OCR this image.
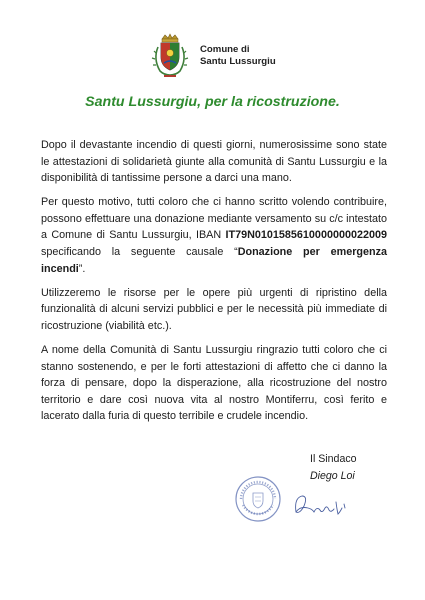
Comune di
Santu Lussurgiu
Santu Lussurgiu, per la ricostruzione.

Dopo il devastante incendio di questi giorni, numerosissime sono state le attestazioni di solidarietà giunte alla comunità di Santu Lussurgiu e la disponibilità di tantissime persone a darci una mano.

Per questo motivo, tutti coloro che ci hanno scritto volendo contribuire, possono effettuare una donazione mediante versamento su c/c intestato a Comune di Santu Lussurgiu, IBAN IT79N0101585610000000022009 specificando la seguente causale “Donazione per emergenza incendi”.

Utilizzeremo le risorse per le opere più urgenti di ripristino della funzionalità di alcuni servizi pubblici e per le necessità più immediate di ricostruzione (viabilità etc.).

A nome della Comunità di Santu Lussurgiu ringrazio tutti coloro che ci stanno sostenendo, e per le forti attestazioni di affetto che ci danno la forza di pensare, dopo la disperazione, alla ricostruzione del nostro territorio e dare così nuova vita al nostro Montiferru, così ferito e lacerato dalla furia di questo terribile e crudele incendio.

Il Sindaco
Diego Loi
